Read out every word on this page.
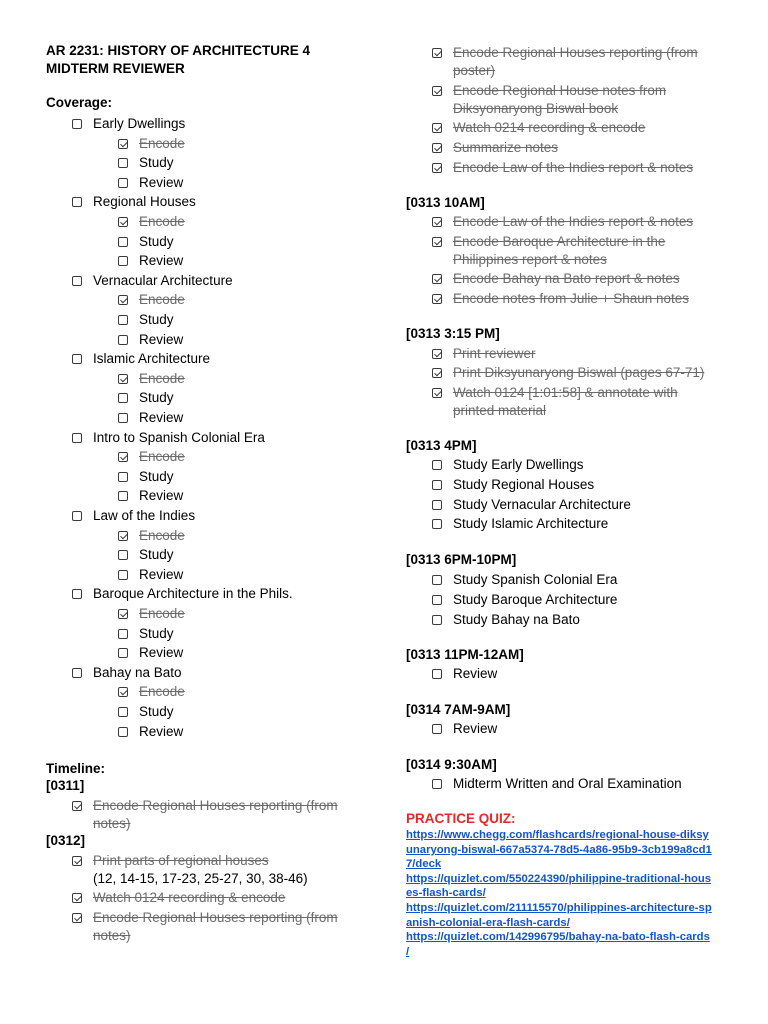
AR 2231: HISTORY OF ARCHITECTURE 4
MIDTERM REVIEWER
Coverage:
Early Dwellings
Encode
Study
Review
Regional Houses
Encode
Study
Review
Vernacular Architecture
Encode
Study
Review
Islamic Architecture
Encode
Study
Review
Intro to Spanish Colonial Era
Encode
Study
Review
Law of the Indies
Encode
Study
Review
Baroque Architecture in the Phils.
Encode
Study
Review
Bahay na Bato
Encode
Study
Review
Timeline:
[0311]
Encode Regional Houses reporting (from
notes)
[0312]
Print parts of regional houses
(12, 14-15, 17-23, 25-27, 30, 38-46)
Watch 0124 recording & encode
Encode Regional Houses reporting (from
notes)
Encode Regional Houses reporting (from
poster)
Encode Regional House notes from
Diksyonaryong Biswal book
Watch 0214 recording & encode
Summarize notes
Encode Law of the Indies report & notes
[0313 10AM]
Encode Law of the Indies report & notes
Encode Baroque Architecture in the
Philippines report & notes
Encode Bahay na Bato report & notes
Encode notes from Julie + Shaun notes
[0313 3:15 PM]
Print reviewer
Print Diksyunaryong Biswal (pages 67-71)
Watch 0124 [1:01:58] & annotate with
printed material
[0313 4PM]
Study Early Dwellings
Study Regional Houses
Study Vernacular Architecture
Study Islamic Architecture
[0313 6PM-10PM]
Study Spanish Colonial Era
Study Baroque Architecture
Study Bahay na Bato
[0313 11PM-12AM]
Review
[0314 7AM-9AM]
Review
[0314 9:30AM]
Midterm Written and Oral Examination
PRACTICE QUIZ:
https://www.chegg.com/flashcards/regional-house-diksy
unaryong-biswal-667a5374-78d5-4a86-95b9-3cb199a8cd1
7/deck
https://quizlet.com/550224390/philippine-traditional-hous
es-flash-cards/
https://quizlet.com/211115570/philippines-architecture-sp
anish-colonial-era-flash-cards/
https://quizlet.com/142996795/bahay-na-bato-flash-cards
/
